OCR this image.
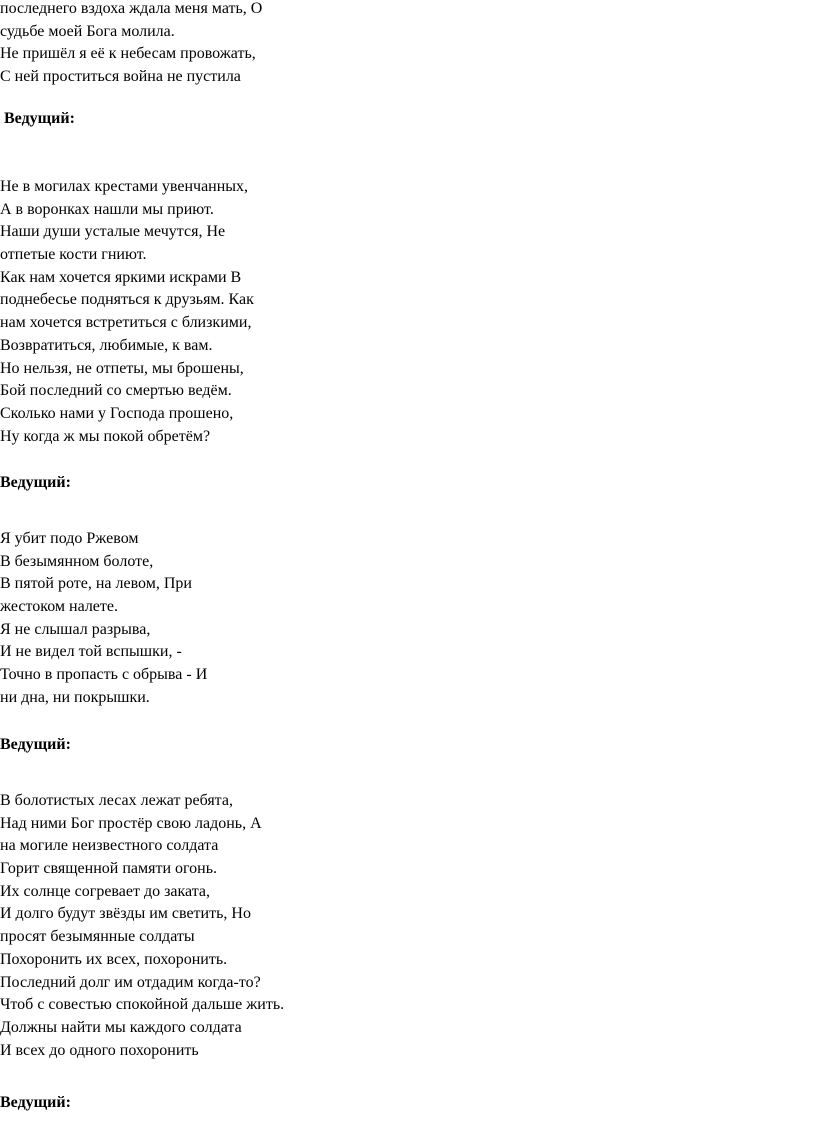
последнего вздоха ждала меня мать, О
судьбе моей Бога молила.
Не пришёл я её к небесам провожать,
С ней проститься война не пустила
Ведущий:
Не в могилах крестами увенчанных,
А в воронках нашли мы приют.
Наши души усталые мечутся, Не
отпетые кости гниют.
Как нам хочется яркими искрами В
поднебесье подняться к друзьям. Как
нам хочется встретиться с близкими,
Возвратиться, любимые, к вам.
Но нельзя, не отпеты, мы брошены,
Бой последний со смертью ведём.
Сколько нами у Господа прошено,
Ну когда ж мы покой обретём?
Ведущий:
Я убит подо Ржевом
В безымянном болоте,
В пятой роте, на левом, При
жестоком налете.
Я не слышал разрыва,
И не видел той вспышки, -
Точно в пропасть с обрыва - И
ни дна, ни покрышки.
Ведущий:
В болотистых лесах лежат ребята,
Над ними Бог простёр свою ладонь, А
на могиле неизвестного солдата
Горит священной памяти огонь.
Их солнце согревает до заката,
И долго будут звёзды им светить, Но
просят безымянные солдаты
Похоронить их всех, похоронить.
Последний долг им отдадим когда-то?
Чтоб с совестью спокойной дальше жить.
Должны найти мы каждого солдата
И всех до одного похоронить
Ведущий:
